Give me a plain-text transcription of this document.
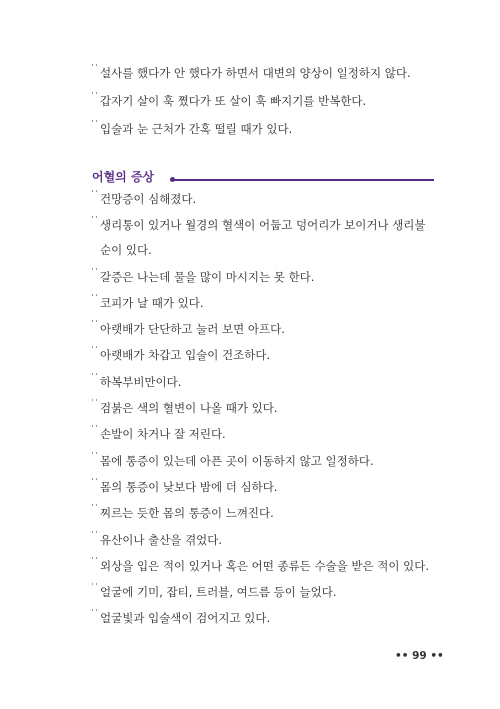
˙˙ 설사를 했다가 안 했다가 하면서 대변의 양상이 일정하지 않다.

˙˙ 갑자기 살이 훅 쪘다가 또 살이 훅 빠지기를 반복한다.

˙˙ 입술과 눈 근처가 간혹 떨릴 때가 있다.

어혈의 증상

˙˙ 건망증이 심해졌다.

˙˙ 생리통이 있거나 월경의 혈색이 어둡고 덩어리가 보이거나 생리불
순이 있다.

˙˙ 갈증은 나는데 물을 많이 마시지는 못 한다.

˙˙ 코피가 날 때가 있다.

˙˙ 아랫배가 단단하고 눌러 보면 아프다.

˙˙ 아랫배가 차갑고 입술이 건조하다.

˙˙ 하복부비만이다.

˙˙ 검붉은 색의 혈변이 나올 때가 있다.

˙˙ 손발이 차거나 잘 저린다.

˙˙ 몸에 통증이 있는데 아픈 곳이 이동하지 않고 일정하다.

˙˙ 몸의 통증이 낮보다 밤에 더 심하다.

˙˙ 찌르는 듯한 몸의 통증이 느껴진다.

˙˙ 유산이나 출산을 겪었다.

˙˙ 외상을 입은 적이 있거나 혹은 어떤 종류든 수술을 받은 적이 있다.

˙˙ 얼굴에 기미, 잡티, 트러블, 여드름 등이 늘었다.

˙˙ 얼굴빛과 입술색이 검어지고 있다.

•• 99 ••
